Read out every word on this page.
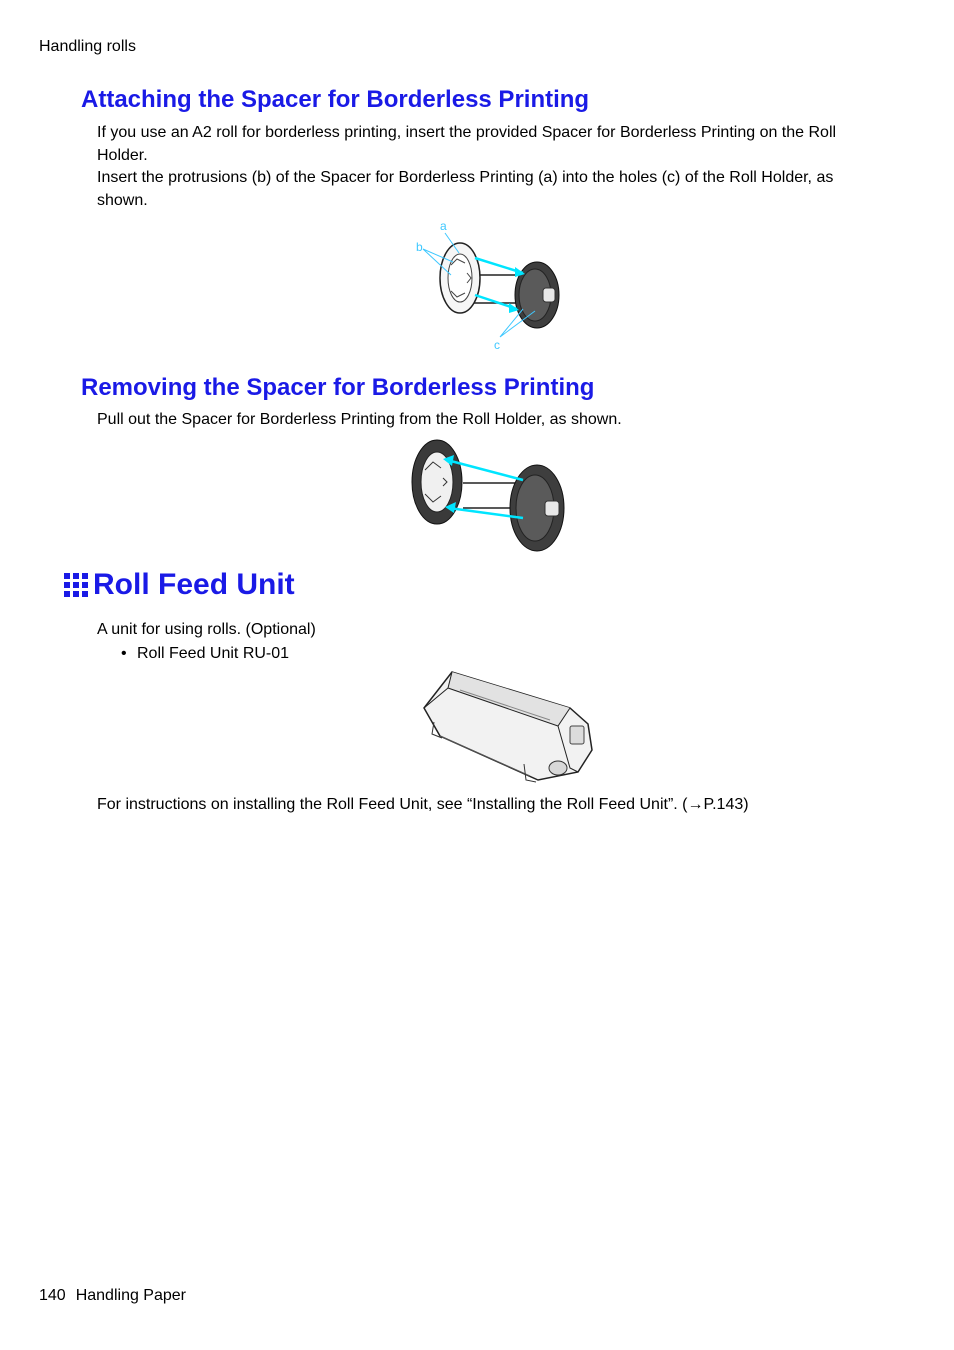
Handling rolls
Attaching the Spacer for Borderless Printing

If you use an A2 roll for borderless printing, insert the provided Spacer for Borderless Printing on the Roll Holder.

Insert the protrusions (b) of the Spacer for Borderless Printing (a) into the holes (c) of the Roll Holder, as shown.

a
b
c
Removing the Spacer for Borderless Printing

Pull out the Spacer for Borderless Printing from the Roll Holder, as shown.

Roll Feed Unit

A unit for using rolls. (Optional)

• Roll Feed Unit RU-01

For instructions on installing the Roll Feed Unit, see “Installing the Roll Feed Unit”. (→P.143)

140 Handling Paper
